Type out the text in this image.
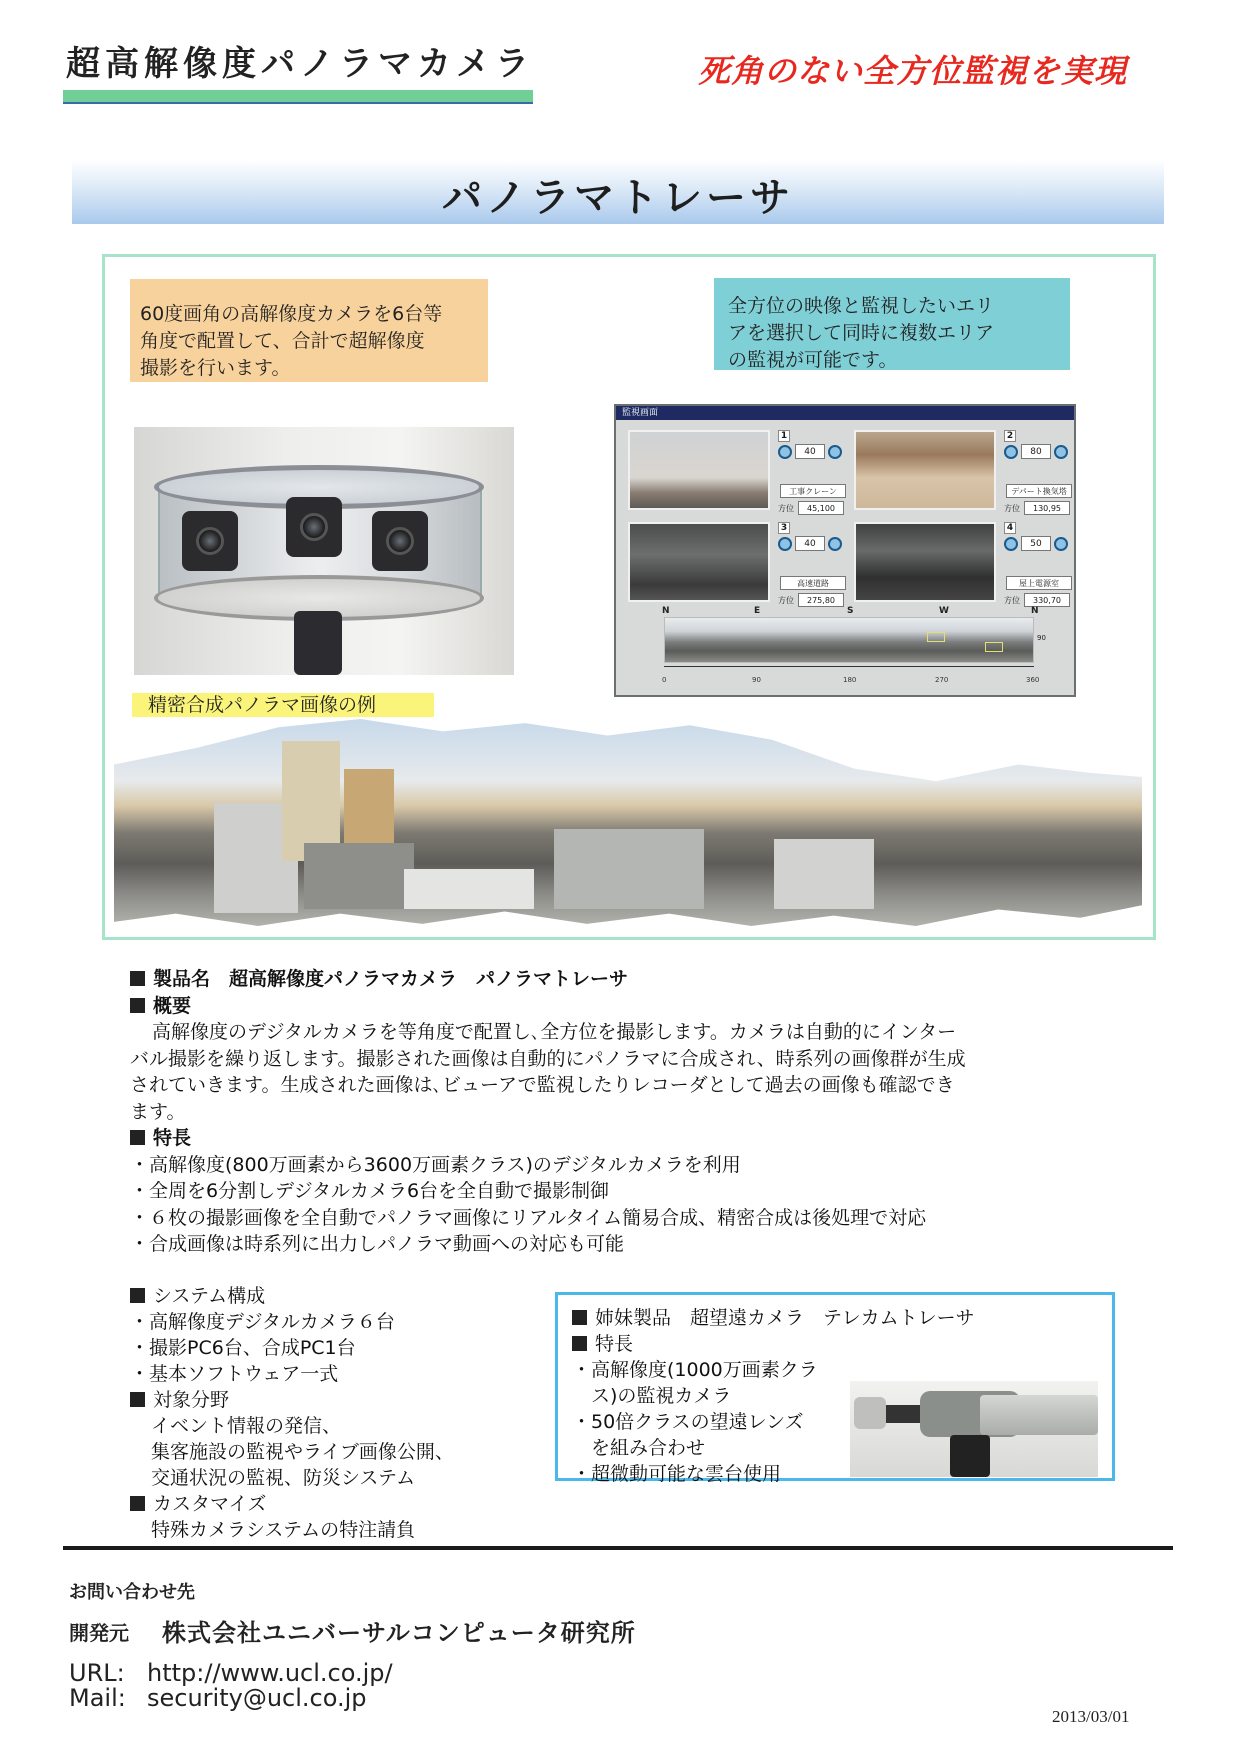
超高解像度パノラマカメラ	死角のない全方位監視を実現
パノラマトレーサ
60度画角の高解像度カメラを6台等
角度で配置して、合計で超解像度
撮影を行います。
全方位の映像と監視したいエリ
アを選択して同時に複数エリア
の監視が可能です。
監視画面
1
40
工事クレーン
方位	45,100
2
80
デパート換気塔
方位	130,95
3
40
高速道路
方位	275,80
4
50
屋上電源室
方位	330,70
N	E	S	W	N
90
0	90	180	270	360
精密合成パノラマ画像の例
製品名　 超高解像度パノラマカメラ　パノラマトレーサ
概要
高解像度のデジタルカメラを等角度で配置し､全方位を撮影します。カメラは自動的にインター
バル撮影を繰り返します。撮影された画像は自動的にパノラマに合成され、時系列の画像群が生成
されていきます。生成された画像は､ビューアで監視したりレコーダとして過去の画像も確認でき
ます。
特長
・高解像度(800万画素から3600万画素クラス)のデジタルカメラを利用
・全周を6分割しデジタルカメラ6台を全自動で撮影制御
・６枚の撮影画像を全自動でパノラマ画像にリアルタイム簡易合成、精密合成は後処理で対応
・合成画像は時系列に出力しパノラマ動画への対応も可能
システム構成
・高解像度デジタルカメラ６台
・撮影PC6台、合成PC1台
・基本ソフトウェア一式
対象分野
イベント情報の発信、
集客施設の監視やライブ画像公開、
交通状況の監視、防災システム
カスタマイズ
特殊カメラシステムの特注請負
姉妹製品　超望遠カメラ　テレカムトレーサ
特長
・高解像度(1000万画素クラ
　ス)の監視カメラ
・50倍クラスの望遠レンズ
　を組み合わせ
・超微動可能な雲台使用
お問い合わせ先
開発元 株式会社ユニバーサルコンピュータ研究所
URL: http://www.ucl.co.jp/
Mail: security@ucl.co.jp
2013/03/01
